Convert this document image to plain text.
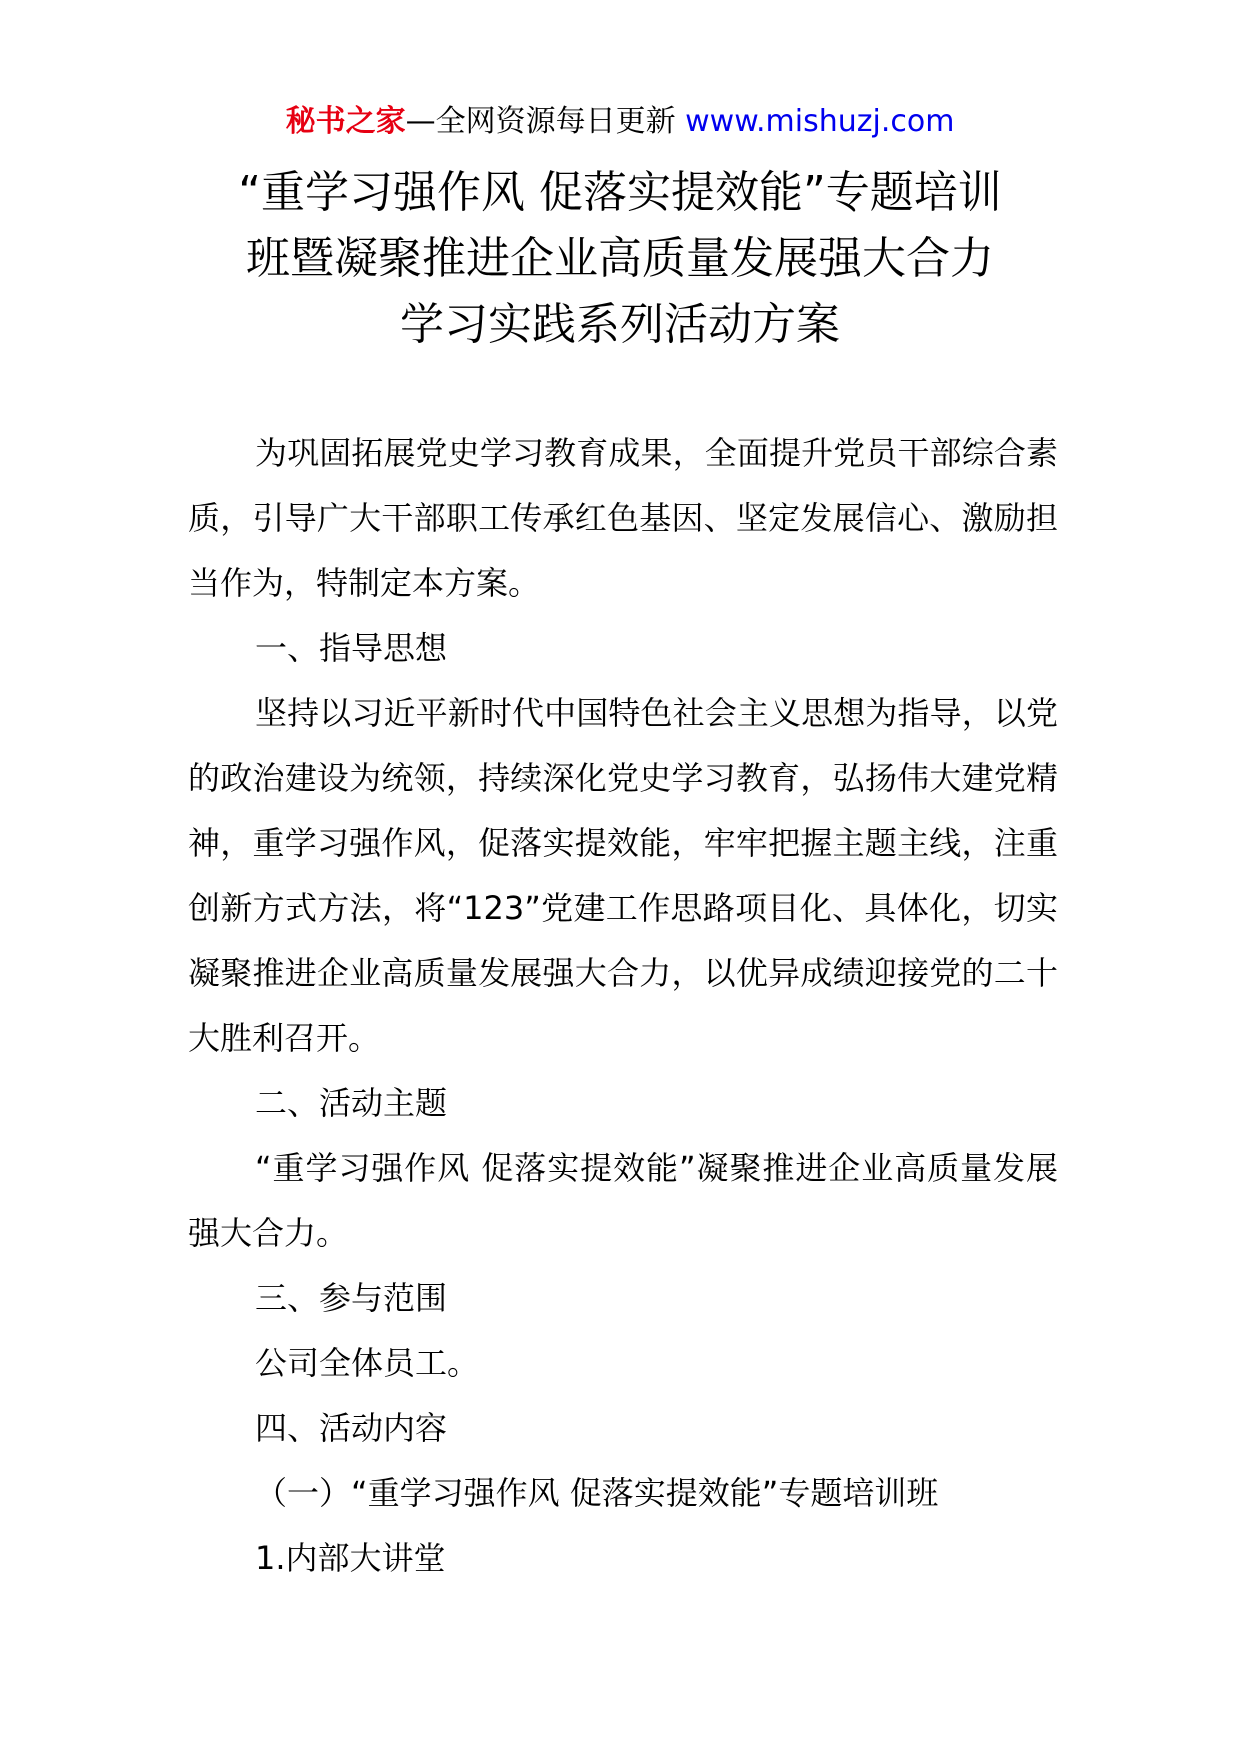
秘书之家—全网资源每日更新 www.mishuzj.com
“重学习强作风 促落实提效能”专题培训
班暨凝聚推进企业高质量发展强大合力
学习实践系列活动方案

为巩固拓展党史学习教育成果，全面提升党员干部综合素质，引导广大干部职工传承红色基因、坚定发展信心、激励担当作为，特制定本方案。

一、指导思想

坚持以习近平新时代中国特色社会主义思想为指导，以党的政治建设为统领，持续深化党史学习教育，弘扬伟大建党精神，重学习强作风，促落实提效能，牢牢把握主题主线，注重创新方式方法，将“123”党建工作思路项目化、具体化，切实凝聚推进企业高质量发展强大合力，以优异成绩迎接党的二十大胜利召开。

二、活动主题

“重学习强作风 促落实提效能”凝聚推进企业高质量发展强大合力。

三、参与范围

公司全体员工。

四、活动内容

（一）“重学习强作风 促落实提效能”专题培训班

1.内部大讲堂
